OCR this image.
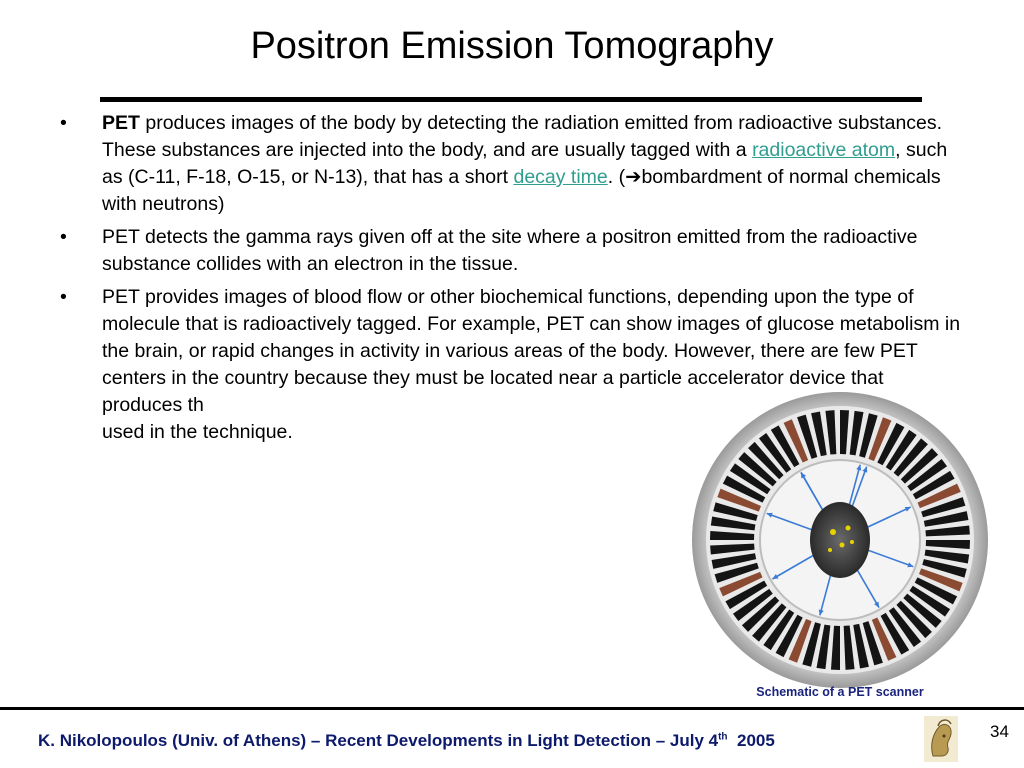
Positron Emission Tomography
• PET produces images of the body by detecting the radiation emitted from radioactive substances. These substances are injected into the body, and are usually tagged with a radioactive atom, such as (C-11, F-18, O-15, or N-13), that has a short decay time. (➔bombardment of normal chemicals with neutrons)
• PET detects the gamma rays given off at the site where a positron emitted from the radioactive substance collides with an electron in the tissue.
• PET provides images of blood flow or other biochemical functions, depending upon the type of molecule that is radioactively tagged. For example, PET can show images of glucose metabolism in the brain, or rapid changes in activity in various areas of the body. However, there are few PET centers in the country because they must be located near a particle accelerator device that produces th
used in the technique.
Schematic of a PET scanner
K. Nikolopoulos (Univ. of Athens) – Recent Developments in Light Detection – July 4th  2005	34
